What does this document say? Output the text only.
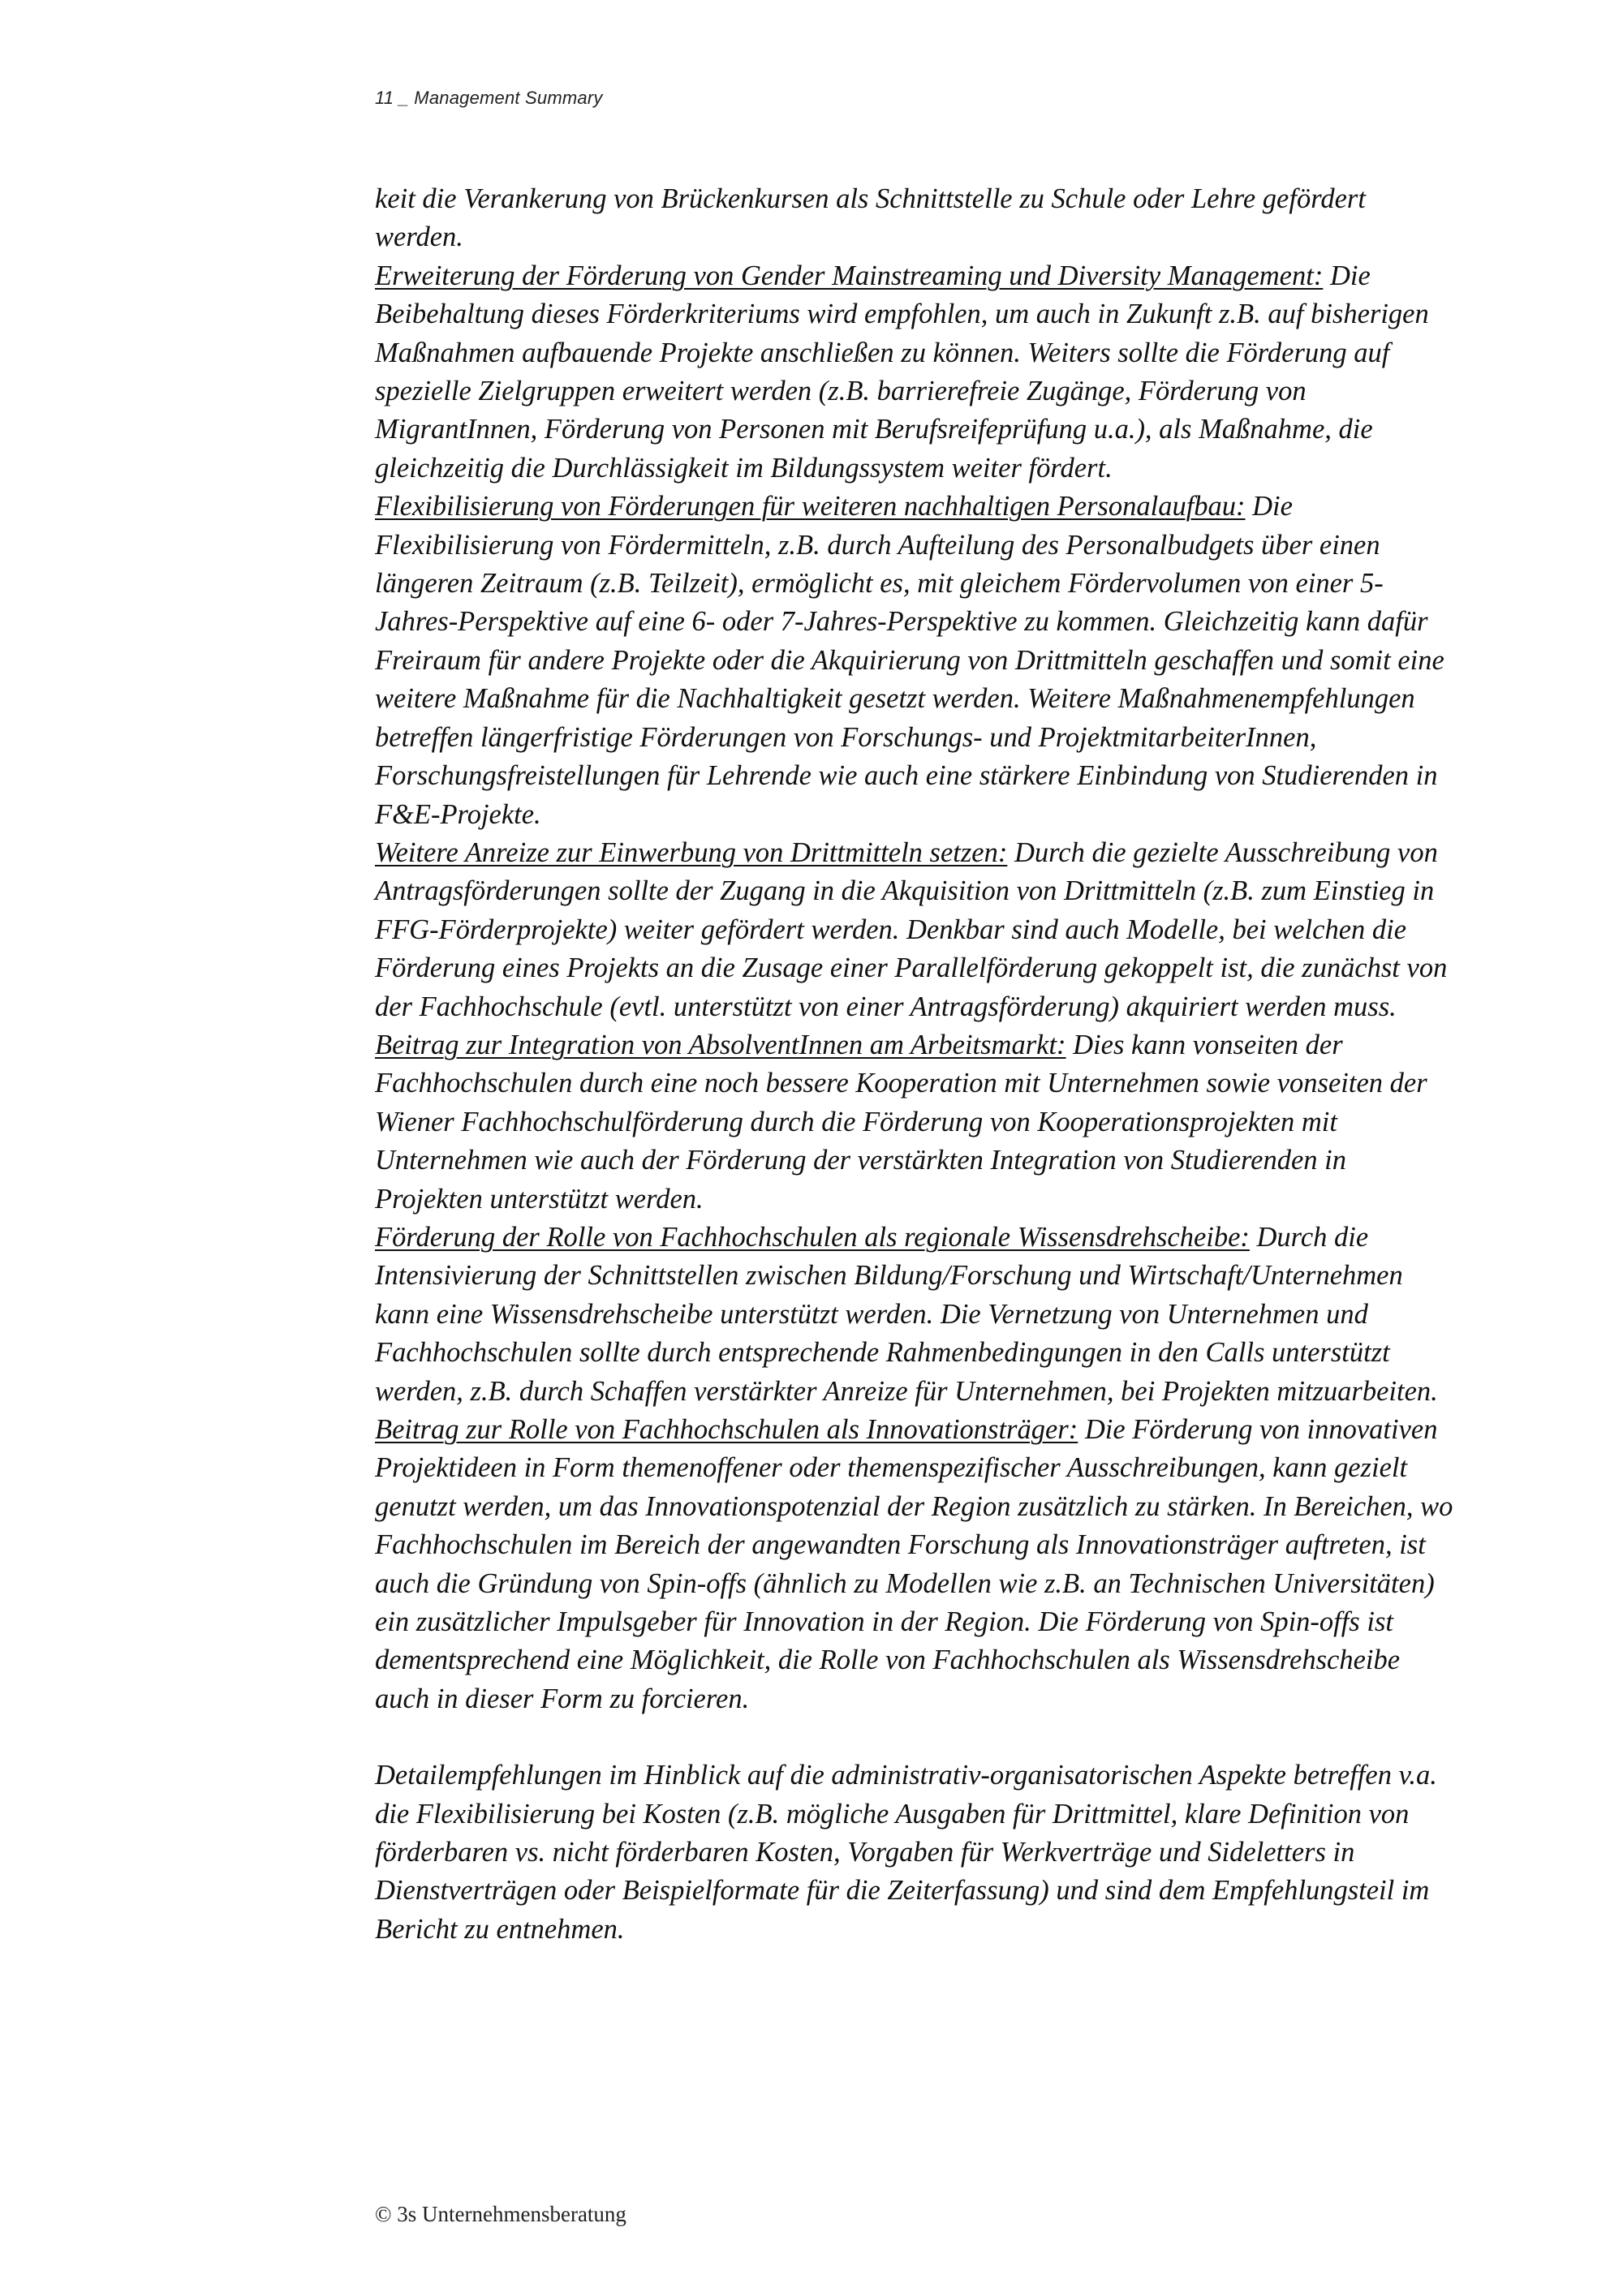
11 _ Management Summary

keit die Verankerung von Brückenkursen als Schnittstelle zu Schule oder Lehre gefördert werden.

Erweiterung der Förderung von Gender Mainstreaming und Diversity Management: Die Beibehaltung dieses Förderkriteriums wird empfohlen, um auch in Zukunft z.B. auf bisherigen Maßnahmen aufbauende Projekte anschließen zu können. Weiters sollte die Förderung auf spezielle Zielgruppen erweitert werden (z.B. barrierefreie Zugänge, Förderung von MigrantInnen, Förderung von Personen mit Berufsreifeprüfung u.a.), als Maßnahme, die gleichzeitig die Durchlässigkeit im Bildungssystem weiter fördert.

Flexibilisierung von Förderungen für weiteren nachhaltigen Personalaufbau: Die Flexibilisierung von Fördermitteln, z.B. durch Aufteilung des Personalbudgets über einen längeren Zeitraum (z.B. Teilzeit), ermöglicht es, mit gleichem Fördervolumen von einer 5-Jahres-Perspektive auf eine 6- oder 7-Jahres-Perspektive zu kommen. Gleichzeitig kann dafür Freiraum für andere Projekte oder die Akquirierung von Drittmitteln geschaffen und somit eine weitere Maßnahme für die Nachhaltigkeit gesetzt werden. Weitere Maßnahmenempfehlungen betreffen längerfristige Förderungen von Forschungs- und ProjektmitarbeiterInnen, Forschungsfreistellungen für Lehrende wie auch eine stärkere Einbindung von Studierenden in F&E-Projekte.

Weitere Anreize zur Einwerbung von Drittmitteln setzen: Durch die gezielte Ausschreibung von Antragsförderungen sollte der Zugang in die Akquisition von Drittmitteln (z.B. zum Einstieg in FFG-Förderprojekte) weiter gefördert werden. Denkbar sind auch Modelle, bei welchen die Förderung eines Projekts an die Zusage einer Parallelförderung gekoppelt ist, die zunächst von der Fachhochschule (evtl. unterstützt von einer Antragsförderung) akquiriert werden muss.

Beitrag zur Integration von AbsolventInnen am Arbeitsmarkt: Dies kann vonseiten der Fachhochschulen durch eine noch bessere Kooperation mit Unternehmen sowie vonseiten der Wiener Fachhochschulförderung durch die Förderung von Kooperationsprojekten mit Unternehmen wie auch der Förderung der verstärkten Integration von Studierenden in Projekten unterstützt werden.

Förderung der Rolle von Fachhochschulen als regionale Wissensdrehscheibe: Durch die Intensivierung der Schnittstellen zwischen Bildung/Forschung und Wirtschaft/Unternehmen kann eine Wissensdrehscheibe unterstützt werden. Die Vernetzung von Unternehmen und Fachhochschulen sollte durch entsprechende Rahmenbedingungen in den Calls unterstützt werden, z.B. durch Schaffen verstärkter Anreize für Unternehmen, bei Projekten mitzuarbeiten.

Beitrag zur Rolle von Fachhochschulen als Innovationsträger: Die Förderung von innovativen Projektideen in Form themenoffener oder themenspezifischer Ausschreibungen, kann gezielt genutzt werden, um das Innovationspotenzial der Region zusätzlich zu stärken. In Bereichen, wo Fachhochschulen im Bereich der angewandten Forschung als Innovationsträger auftreten, ist auch die Gründung von Spin-offs (ähnlich zu Modellen wie z.B. an Technischen Universitäten) ein zusätzlicher Impulsgeber für Innovation in der Region. Die Förderung von Spin-offs ist dementsprechend eine Möglichkeit, die Rolle von Fachhochschulen als Wissensdrehscheibe auch in dieser Form zu forcieren.

Detailempfehlungen im Hinblick auf die administrativ-organisatorischen Aspekte betreffen v.a. die Flexibilisierung bei Kosten (z.B. mögliche Ausgaben für Drittmittel, klare Definition von förderbaren vs. nicht förderbaren Kosten, Vorgaben für Werkverträge und Sideletters in Dienstverträgen oder Beispielformate für die Zeiterfassung) und sind dem Empfehlungsteil im Bericht zu entnehmen.

© 3s Unternehmensberatung
